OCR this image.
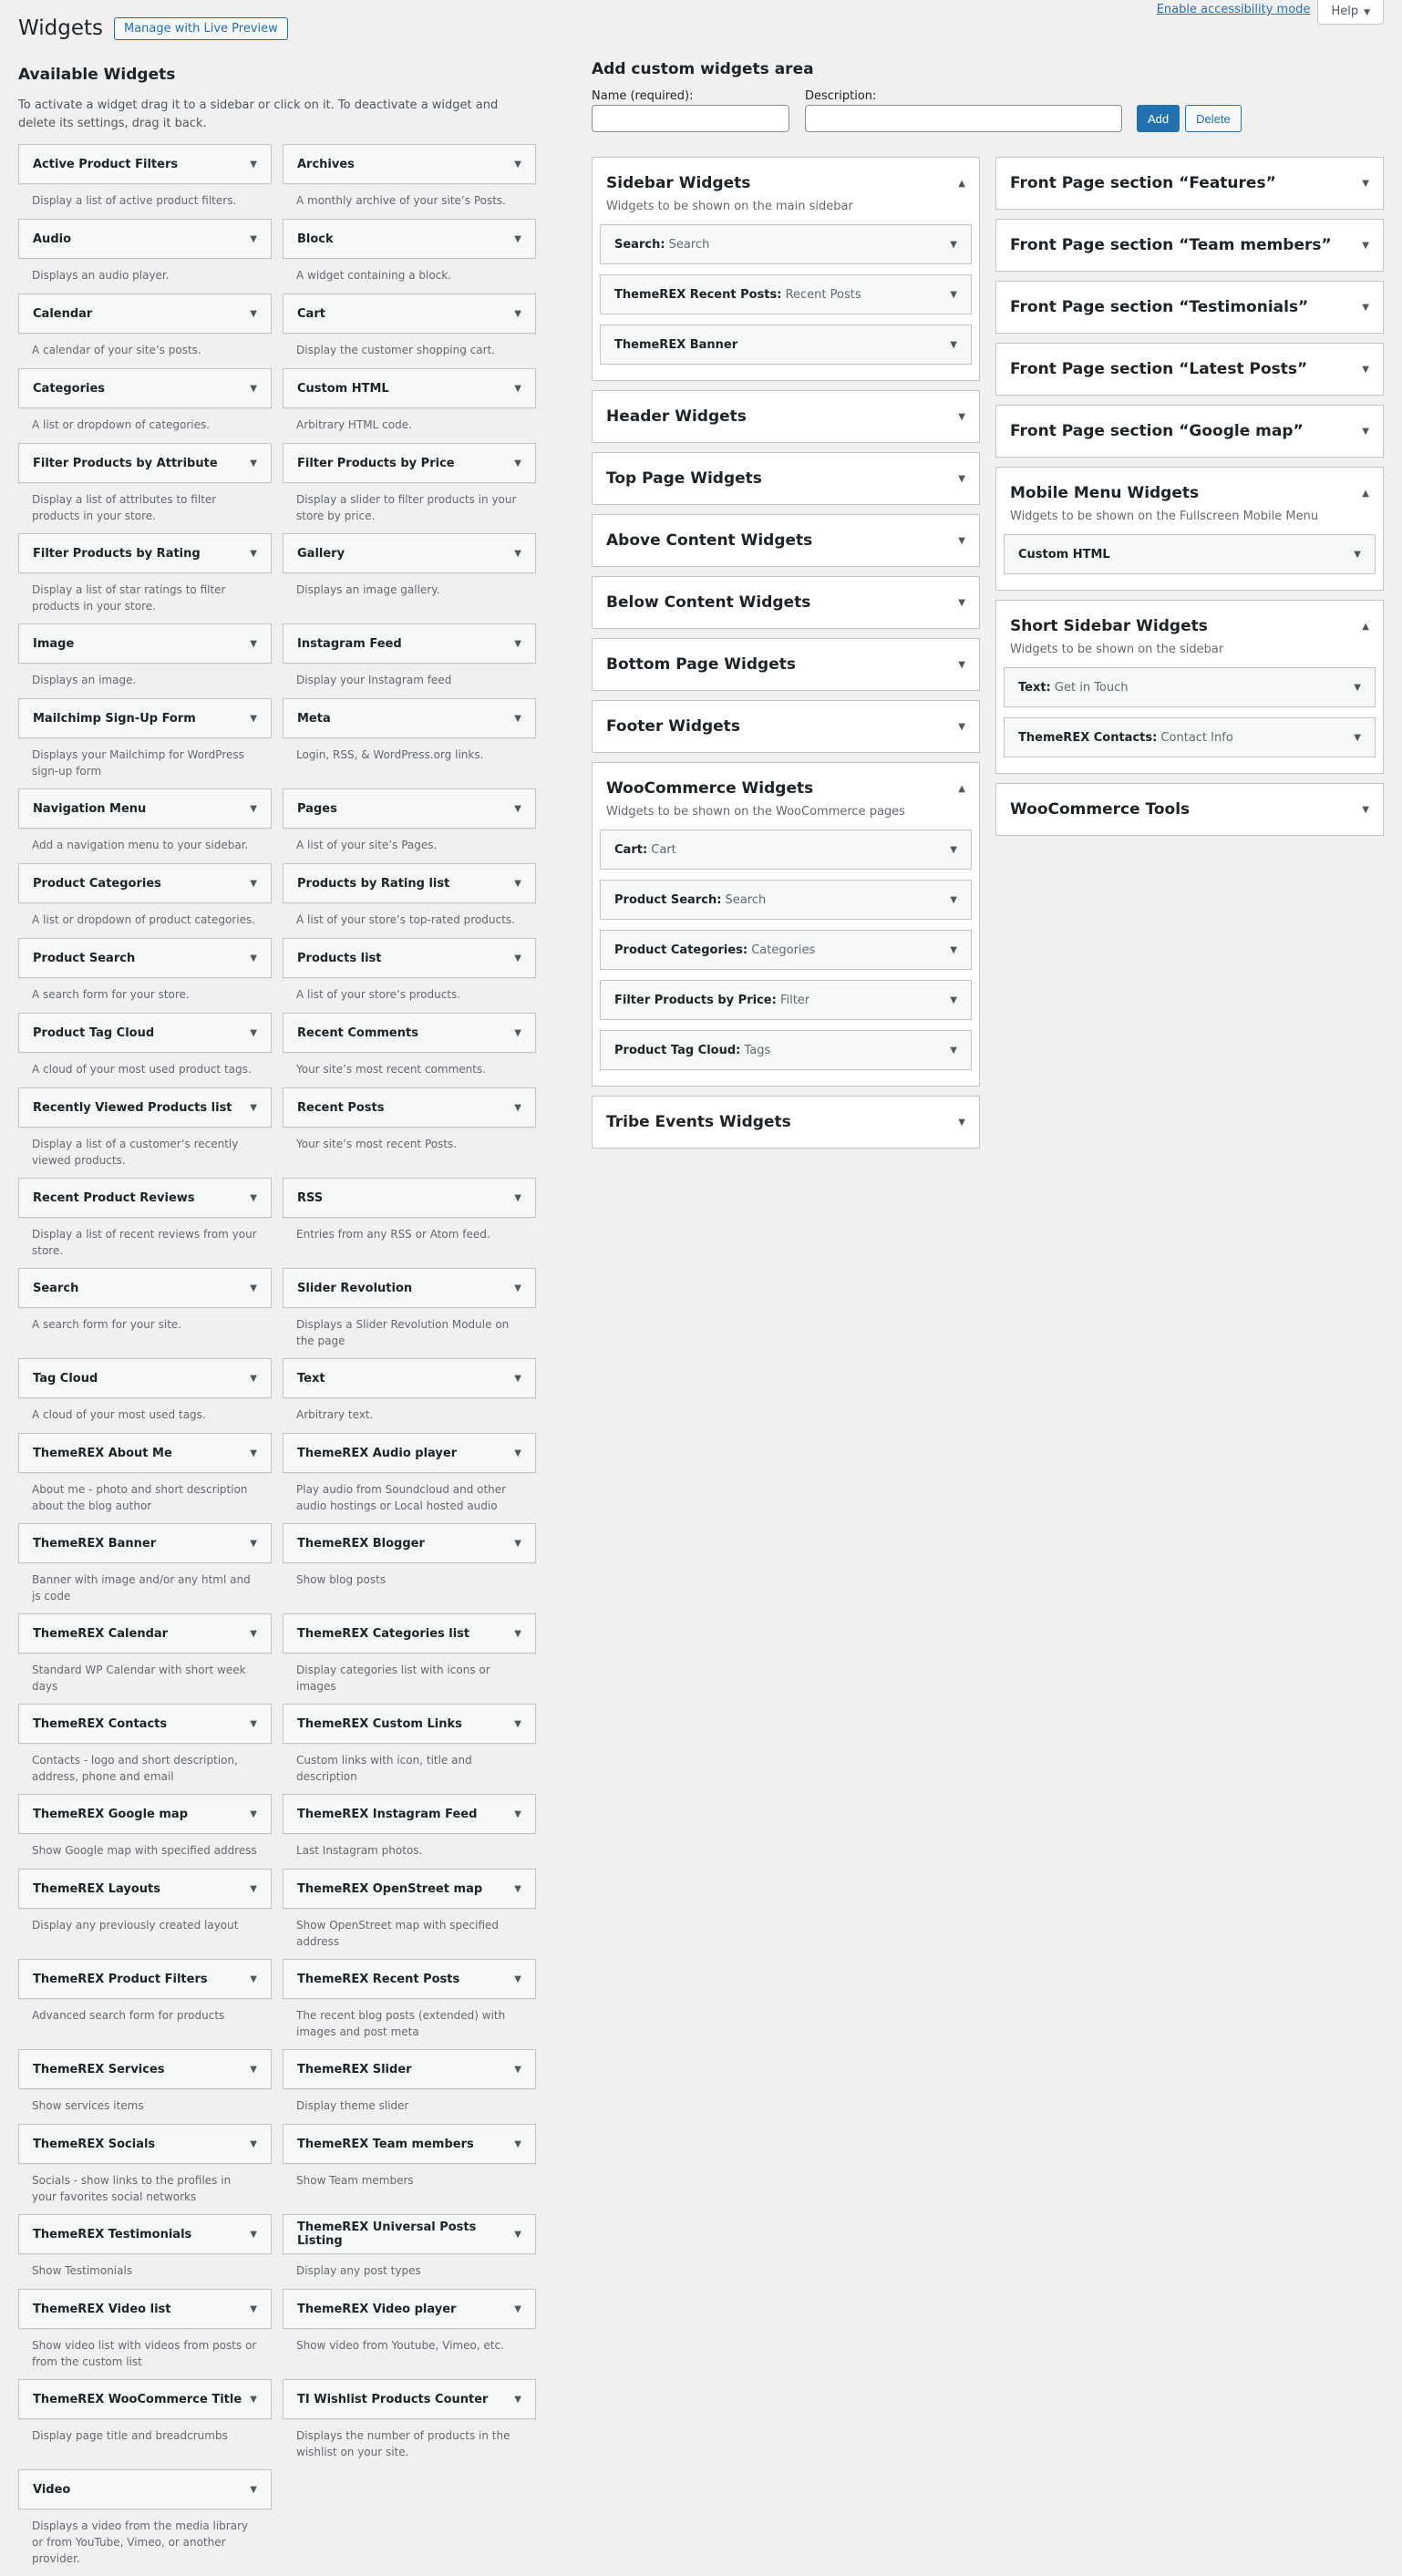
Enable accessibility mode	Help ▼
Widgets	Manage with Live Preview
Available Widgets

To activate a widget drag it to a sidebar or click on it. To deactivate a widget and delete its settings, drag it back.

Active Product Filters	▼
Display a list of active product filters.
Archives	▼
A monthly archive of your site’s Posts.
Audio	▼
Displays an audio player.
Block	▼
A widget containing a block.
Calendar	▼
A calendar of your site’s posts.
Cart	▼
Display the customer shopping cart.
Categories	▼
A list or dropdown of categories.
Custom HTML	▼
Arbitrary HTML code.
Filter Products by Attribute	▼
Display a list of attributes to filter products in your store.
Filter Products by Price	▼
Display a slider to filter products in your store by price.
Filter Products by Rating	▼
Display a list of star ratings to filter products in your store.
Gallery	▼
Displays an image gallery.
Image	▼
Displays an image.
Instagram Feed	▼
Display your Instagram feed
Mailchimp Sign-Up Form	▼
Displays your Mailchimp for WordPress sign-up form
Meta	▼
Login, RSS, & WordPress.org links.
Navigation Menu	▼
Add a navigation menu to your sidebar.
Pages	▼
A list of your site’s Pages.
Product Categories	▼
A list or dropdown of product categories.
Products by Rating list	▼
A list of your store’s top-rated products.
Product Search	▼
A search form for your store.
Products list	▼
A list of your store’s products.
Product Tag Cloud	▼
A cloud of your most used product tags.
Recent Comments	▼
Your site’s most recent comments.
Recently Viewed Products list ▼
Display a list of a customer’s recently viewed products.
Recent Posts	▼
Your site’s most recent Posts.
Recent Product Reviews	▼
Display a list of recent reviews from your store.
RSS	▼
Entries from any RSS or Atom feed.
Search	▼
A search form for your site.
Slider Revolution	▼
Displays a Slider Revolution Module on the page
Tag Cloud	▼
A cloud of your most used tags.
Text	▼
Arbitrary text.
ThemeREX About Me	▼
About me - photo and short description about the blog author
ThemeREX Audio player	▼
Play audio from Soundcloud and other audio hostings or Local hosted audio
ThemeREX Banner	▼
Banner with image and/or any html and js code
ThemeREX Blogger	▼
Show blog posts
ThemeREX Calendar	▼
Standard WP Calendar with short week days
ThemeREX Categories list	▼
Display categories list with icons or images
ThemeREX Contacts	▼
Contacts - logo and short description, address, phone and email
ThemeREX Custom Links	▼
Custom links with icon, title and description
ThemeREX Google map	▼
Show Google map with specified address
ThemeREX Instagram Feed	▼
Last Instagram photos.
ThemeREX Layouts	▼
Display any previously created layout
ThemeREX OpenStreet map	▼
Show OpenStreet map with specified address
ThemeREX Product Filters	▼
Advanced search form for products
ThemeREX Recent Posts	▼
The recent blog posts (extended) with images and post meta
ThemeREX Services	▼
Show services items
ThemeREX Slider	▼
Display theme slider
ThemeREX Socials	▼
Socials - show links to the profiles in your favorites social networks
ThemeREX Team members	▼
Show Team members
ThemeREX Testimonials	▼
Show Testimonials
ThemeREX Universal Posts Listing	▼
Display any post types
ThemeREX Video list	▼
Show video list with videos from posts or from the custom list
ThemeREX Video player	▼
Show video from Youtube, Vimeo, etc.
ThemeREX WooCommerce Title ▼
Display page title and breadcrumbs
TI Wishlist Products Counter	▼
Displays the number of products in the wishlist on your site.
Video	▼
Displays a video from the media library or from YouTube, Vimeo, or another provider.
Add custom widgets area
Name (required):	Description:
Add	Delete
Sidebar Widgets	▲
Widgets to be shown on the main sidebar
Search: Search	▼
ThemeREX Recent Posts: Recent Posts	▼
ThemeREX Banner	▼
Header Widgets	▼
Top Page Widgets	▼
Above Content Widgets	▼
Below Content Widgets	▼
Bottom Page Widgets	▼
Footer Widgets	▼
WooCommerce Widgets	▲
Widgets to be shown on the WooCommerce pages
Cart: Cart	▼
Product Search: Search	▼
Product Categories: Categories	▼
Filter Products by Price: Filter	▼
Product Tag Cloud: Tags	▼
Tribe Events Widgets	▼
Front Page section “Features”	▼
Front Page section “Team members”	▼
Front Page section “Testimonials”	▼
Front Page section “Latest Posts”	▼
Front Page section “Google map”	▼
Mobile Menu Widgets	▲
Widgets to be shown on the Fullscreen Mobile Menu
Custom HTML	▼
Short Sidebar Widgets	▲
Widgets to be shown on the sidebar
Text: Get in Touch	▼
ThemeREX Contacts: Contact Info	▼
WooCommerce Tools	▼
